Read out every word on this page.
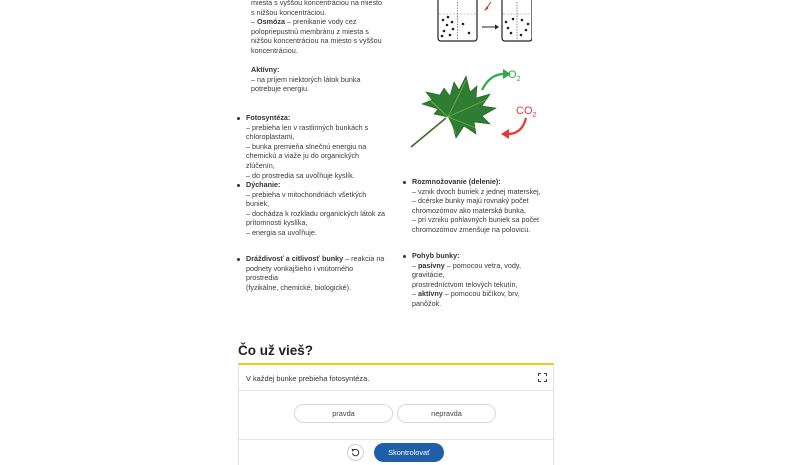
miesta s vyššou koncentráciou na miesto
s nižšou koncentráciou.
– Osmóza – prenikanie vody cez
polopriepustnú membránu z miesta s
nižšou koncentráciou na miesto s vyššou
koncentráciou.
Aktívny:
– na príjem niektorých látok bunka
potrebuje energiu.
Fotosyntéza:
– prebieha len v rastlinných bunkách s
chloroplastami,
– bunka premieňa slnečnú energiu na
chemickú a viaže ju do organických
zlúčenín,
– do prostredia sa uvoľňuje kyslík.
Dýchanie:
– prebieha v mitochondriách všetkých
buniek,
– dochádza k rozkladu organických látok za
prítomnosti kyslíka,
– energia sa uvoľňuje.
Dráždivosť a citlivosť bunky – reakcia na
podnety vonkajšieho i vnútorného
prostredia
(fyzikálne, chemické, biologické).
$O_2$
$CO_2$
Rozmnožovanie (delenie):
– vznik dvoch buniek z jednej materskej,
– dcérske bunky majú rovnaký počet
chromozómov ako materská bunka,
– pri vzniku pohlavných buniek sa počet
chromozómov zmenšuje na polovicu.
Pohyb bunky:
– pasívny – pomocou vetra, vody,
gravitácie,
prostredníctvom telových tekutín,
– aktívny – pomocou bičíkov, brv,
panôžok.
Čo už vieš?
V každej bunke prebieha fotosyntéza.
pravda	nepravda
Skontrolovať
